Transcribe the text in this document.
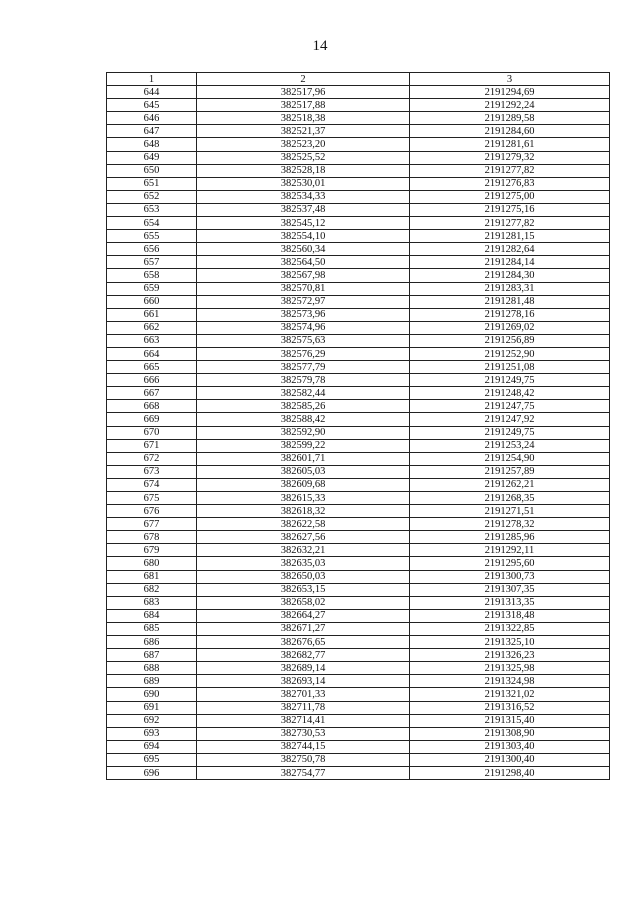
14
1	2	3
644	382517,96	2191294,69
645	382517,88	2191292,24
646	382518,38	2191289,58
647	382521,37	2191284,60
648	382523,20	2191281,61
649	382525,52	2191279,32
650	382528,18	2191277,82
651	382530,01	2191276,83
652	382534,33	2191275,00
653	382537,48	2191275,16
654	382545,12	2191277,82
655	382554,10	2191281,15
656	382560,34	2191282,64
657	382564,50	2191284,14
658	382567,98	2191284,30
659	382570,81	2191283,31
660	382572,97	2191281,48
661	382573,96	2191278,16
662	382574,96	2191269,02
663	382575,63	2191256,89
664	382576,29	2191252,90
665	382577,79	2191251,08
666	382579,78	2191249,75
667	382582,44	2191248,42
668	382585,26	2191247,75
669	382588,42	2191247,92
670	382592,90	2191249,75
671	382599,22	2191253,24
672	382601,71	2191254,90
673	382605,03	2191257,89
674	382609,68	2191262,21
675	382615,33	2191268,35
676	382618,32	2191271,51
677	382622,58	2191278,32
678	382627,56	2191285,96
679	382632,21	2191292,11
680	382635,03	2191295,60
681	382650,03	2191300,73
682	382653,15	2191307,35
683	382658,02	2191313,35
684	382664,27	2191318,48
685	382671,27	2191322,85
686	382676,65	2191325,10
687	382682,77	2191326,23
688	382689,14	2191325,98
689	382693,14	2191324,98
690	382701,33	2191321,02
691	382711,78	2191316,52
692	382714,41	2191315,40
693	382730,53	2191308,90
694	382744,15	2191303,40
695	382750,78	2191300,40
696	382754,77	2191298,40
